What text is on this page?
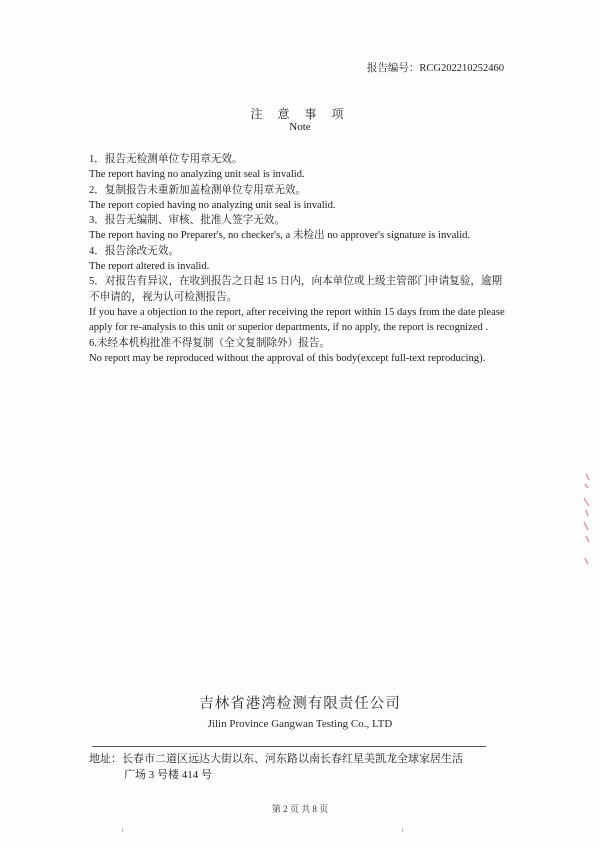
报告编号：RCG202210252460
注 意 事 项
Note

1．报告无检测单位专用章无效。

The report having no analyzing unit seal is invalid.

2．复制报告未重新加盖检测单位专用章无效。

The report copied having no analyzing unit seal is invalid.

3．报告无编制、审核、批准人签字无效。

The report having no Preparer's, no checker's, a 未检出 no approver's signature is invalid.

4．报告涂改无效。

The report altered is invalid.

5．对报告有异议，在收到报告之日起 15 日内，向本单位或上级主管部门申请复验，逾期不申请的，视为认可检测报告。

If you have a objection to the report, after receiving the report within 15 days from the date please apply for re-analysis to this unit or superior departments, if no apply, the report is recognized .

6.未经本机构批准不得复制（全文复制除外）报告。

No report may be reproduced without the approval of this body(except full-text reproducing).

吉林省港湾检测有限责任公司
Jilin Province Gangwan Testing Co., LTD
地址：长春市二道区远达大街以东、河东路以南长春红星美凯龙全球家居生活
广场 3 号楼 414 号
第 2 页 共 8 页
